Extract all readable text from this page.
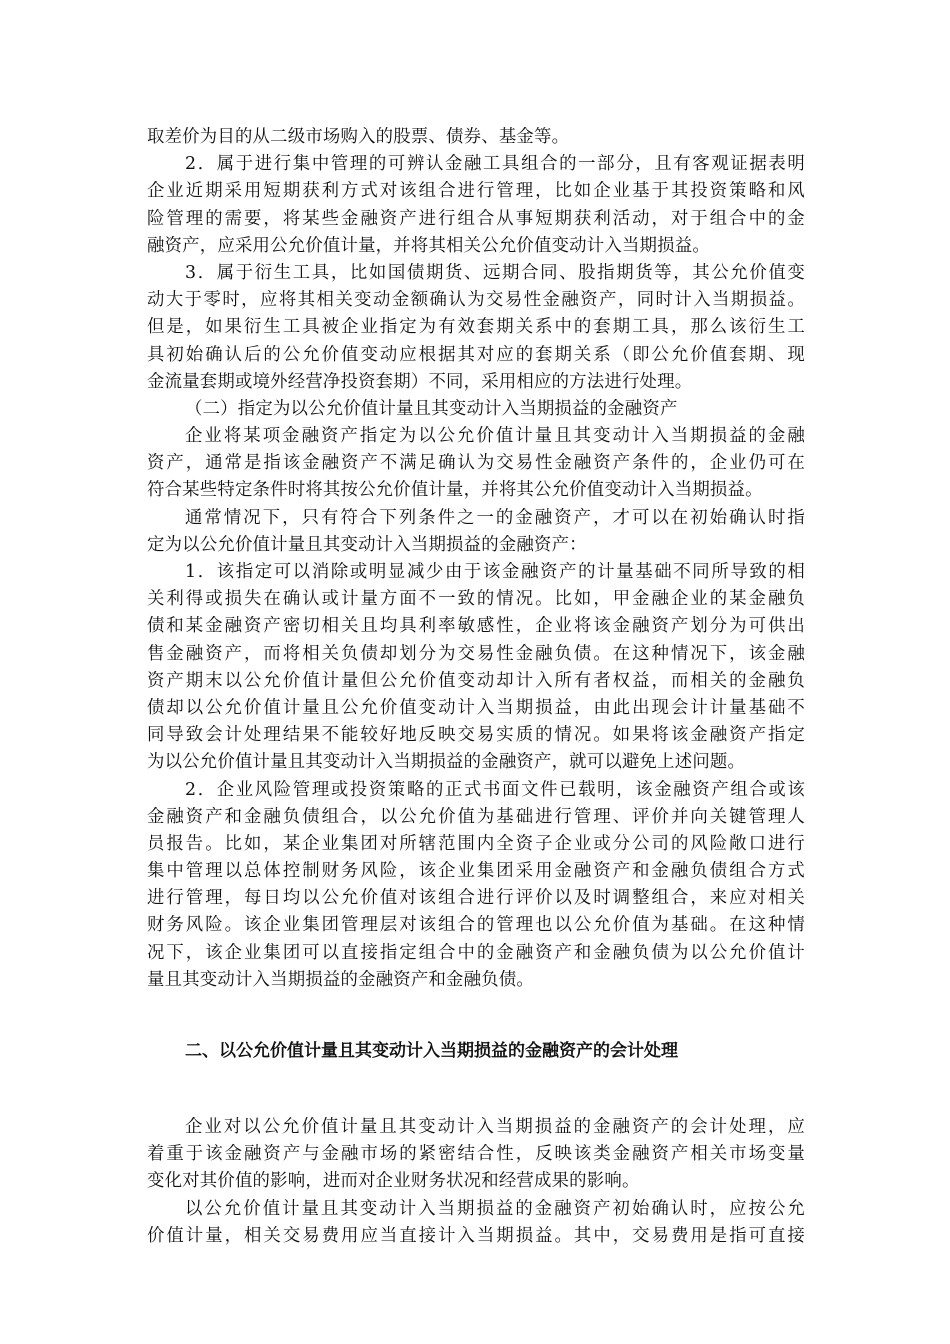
取差价为目的从二级市场购入的股票、债券、基金等。
2．属于进行集中管理的可辨认金融工具组合的一部分，且有客观证据表明
企业近期采用短期获利方式对该组合进行管理，比如企业基于其投资策略和风
险管理的需要，将某些金融资产进行组合从事短期获利活动，对于组合中的金
融资产，应采用公允价值计量，并将其相关公允价值变动计入当期损益。
3．属于衍生工具，比如国债期货、远期合同、股指期货等，其公允价值变
动大于零时，应将其相关变动金额确认为交易性金融资产，同时计入当期损益。
但是，如果衍生工具被企业指定为有效套期关系中的套期工具，那么该衍生工
具初始确认后的公允价值变动应根据其对应的套期关系（即公允价值套期、现
金流量套期或境外经营净投资套期）不同，采用相应的方法进行处理。
（二）指定为以公允价值计量且其变动计入当期损益的金融资产
企业将某项金融资产指定为以公允价值计量且其变动计入当期损益的金融
资产，通常是指该金融资产不满足确认为交易性金融资产条件的，企业仍可在
符合某些特定条件时将其按公允价值计量，并将其公允价值变动计入当期损益。
通常情况下，只有符合下列条件之一的金融资产，才可以在初始确认时指
定为以公允价值计量且其变动计入当期损益的金融资产：
1．该指定可以消除或明显减少由于该金融资产的计量基础不同所导致的相
关利得或损失在确认或计量方面不一致的情况。比如，甲金融企业的某金融负
债和某金融资产密切相关且均具利率敏感性，企业将该金融资产划分为可供出
售金融资产，而将相关负债却划分为交易性金融负债。在这种情况下，该金融
资产期末以公允价值计量但公允价值变动却计入所有者权益，而相关的金融负
债却以公允价值计量且公允价值变动计入当期损益，由此出现会计计量基础不
同导致会计处理结果不能较好地反映交易实质的情况。如果将该金融资产指定
为以公允价值计量且其变动计入当期损益的金融资产，就可以避免上述问题。
2．企业风险管理或投资策略的正式书面文件已载明，该金融资产组合或该
金融资产和金融负债组合，以公允价值为基础进行管理、评价并向关键管理人
员报告。比如，某企业集团对所辖范围内全资子企业或分公司的风险敞口进行
集中管理以总体控制财务风险，该企业集团采用金融资产和金融负债组合方式
进行管理，每日均以公允价值对该组合进行评价以及时调整组合，来应对相关
财务风险。该企业集团管理层对该组合的管理也以公允价值为基础。在这种情
况下，该企业集团可以直接指定组合中的金融资产和金融负债为以公允价值计
量且其变动计入当期损益的金融资产和金融负债。
二、以公允价值计量且其变动计入当期损益的金融资产的会计处理
企业对以公允价值计量且其变动计入当期损益的金融资产的会计处理，应
着重于该金融资产与金融市场的紧密结合性，反映该类金融资产相关市场变量
变化对其价值的影响，进而对企业财务状况和经营成果的影响。
以公允价值计量且其变动计入当期损益的金融资产初始确认时，应按公允
价值计量，相关交易费用应当直接计入当期损益。其中，交易费用是指可直接
